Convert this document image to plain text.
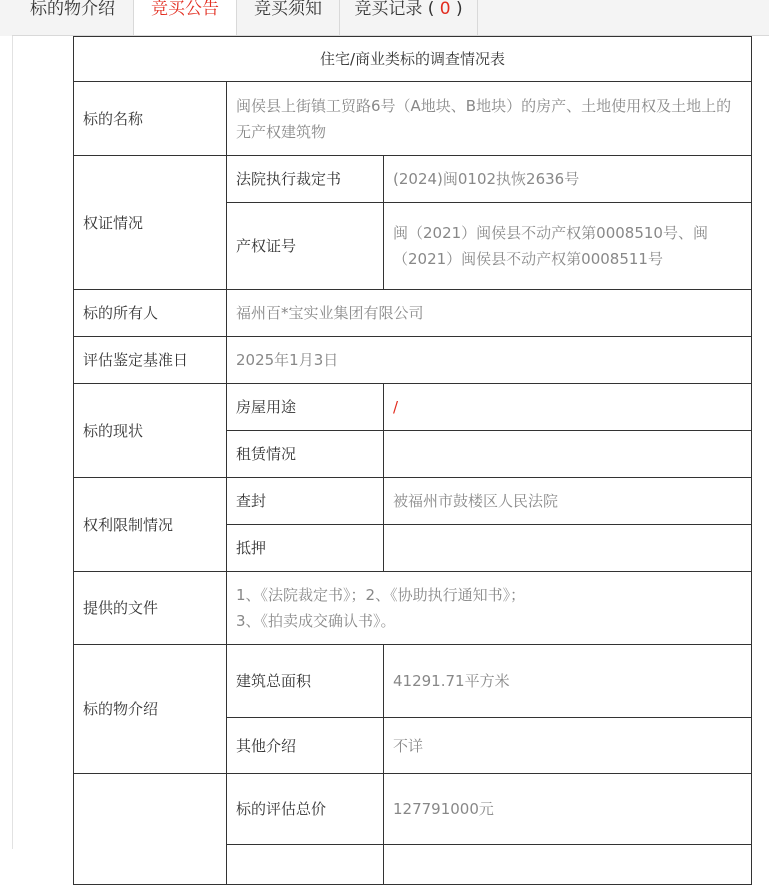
标的物介绍	竞买公告	竞买须知	竞买记录 ( 0 )
住宅/商业类标的调查情况表		
标的名称	闽侯县上街镇工贸路6号（A地块、B地块）的房产、土地使用权及土地上的无产权建筑物	
权证情况	法院执行裁定书	(2024)闽0102执恢2636号
	产权证号	闽（2021）闽侯县不动产权第0008510号、闽（2021）闽侯县不动产权第0008511号
标的所有人	福州百*宝实业集团有限公司	
评估鉴定基准日	2025年1月3日	
标的现状	房屋用途	/
	租赁情况	
权利限制情况	查封	被福州市鼓楼区人民法院
	抵押	
提供的文件	1、《法院裁定书》；2、《协助执行通知书》；
3、《拍卖成交确认书》。	

标的物介绍	建筑总面积	41291.71平方米
	其他介绍	不详
	标的评估总价	127791000元
